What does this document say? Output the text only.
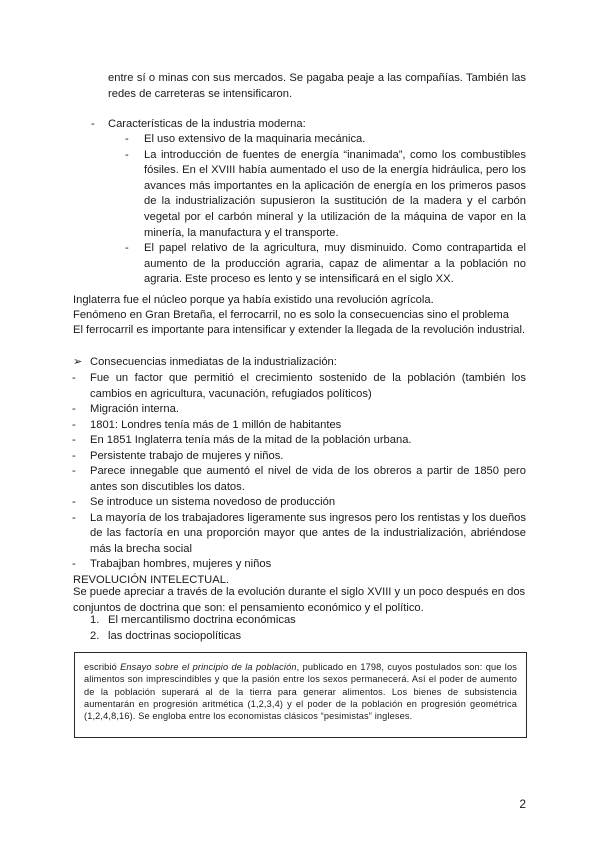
entre sí o minas con sus mercados. Se pagaba peaje a las compañías. También las redes de carreteras se intensificaron.

- Características de la industria moderna:
- El uso extensivo de la maquinaria mecánica.
- La introducción de fuentes de energía “inanimada”, como los combustibles fósiles. En el XVIII había aumentado el uso de la energía hidráulica, pero los avances más importantes en la aplicación de energía en los primeros pasos de la industrialización supusieron la sustitución de la madera y el carbón vegetal por el carbón mineral y la utilización de la máquina de vapor en la minería, la manufactura y el transporte.
- El papel relativo de la agricultura, muy disminuido. Como contrapartida el aumento de la producción agraria, capaz de alimentar a la población no agraria. Este proceso es lento y se intensificará en el siglo XX.

Inglaterra fue el núcleo porque ya había existido una revolución agrícola.

Fenómeno en Gran Bretaña, el ferrocarril, no es solo la consecuencias sino el problema

El ferrocarril es importante para intensificar y extender la llegada de la revolución industrial.

➢ Consecuencias inmediatas de la industrialización:

- Fue un factor que permitió el crecimiento sostenido de la población (también los cambios en agricultura, vacunación, refugiados políticos)
- Migración interna.
- 1801: Londres tenía más de 1 millón de habitantes
- En 1851 Inglaterra tenía más de la mitad de la población urbana.
- Persistente trabajo de mujeres y niños.
- Parece innegable que aumentó el nivel de vida de los obreros a partir de 1850 pero antes son discutibles los datos.
- Se introduce un sistema novedoso de producción
- La mayoría de los trabajadores ligeramente sus ingresos pero los rentistas y los dueños de las factoría en una proporción mayor que antes de la industrialización, abriéndose más la brecha social
- Trabajban hombres, mujeres y niños

REVOLUCIÓN INTELECTUAL.

Se puede apreciar a través de la evolución durante el siglo XVIII y un poco después en dos conjuntos de doctrina que son: el pensamiento económico y el político.

1. El mercantilismo doctrina económicas
2. las doctrinas sociopolíticas
escribió Ensayo sobre el principio de la población, publicado en 1798, cuyos postulados son: que los alimentos son imprescindibles y que la pasión entre los sexos permanecerá. Así el poder de aumento de la población superará al de la tierra para generar alimentos. Los bienes de subsistencia aumentarán en progresión aritmética (1,2,3,4) y el poder de la población en progresión geométrica (1,2,4,8,16). Se engloba entre los economistas clásicos “pesimistas” ingleses.
2
